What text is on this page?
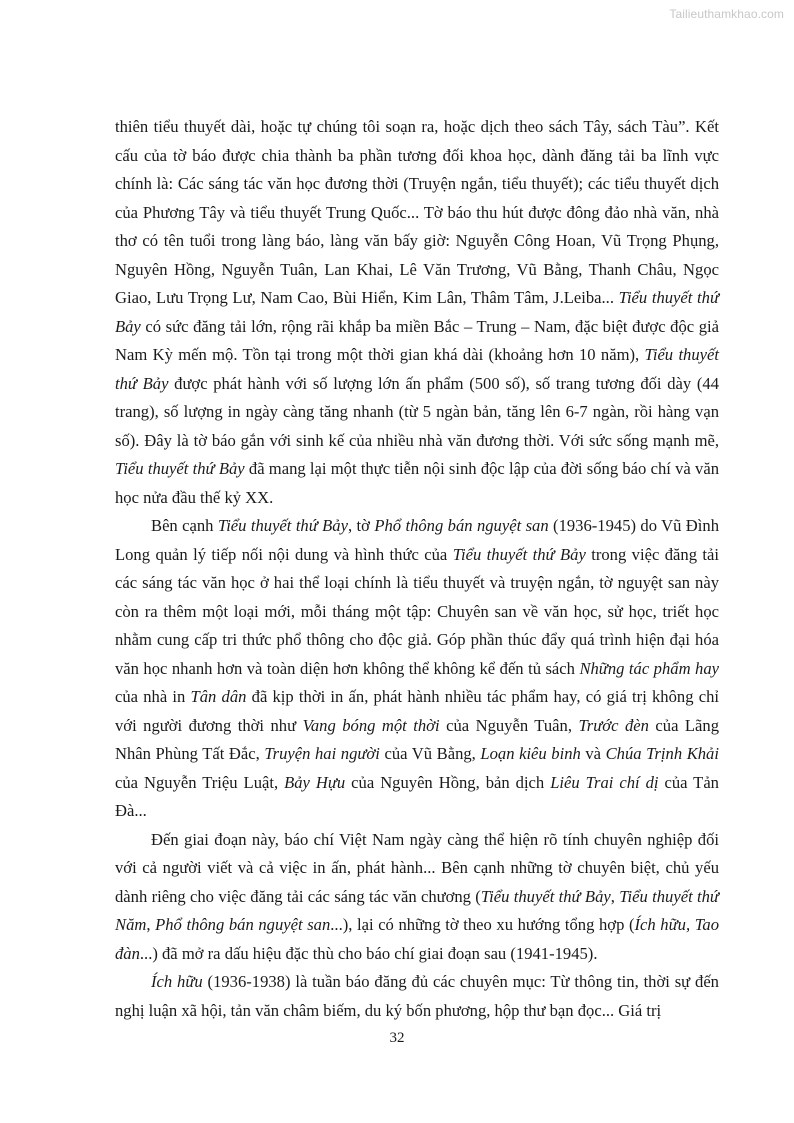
Tailieuthamkhao.com

thiên tiểu thuyết dài, hoặc tự chúng tôi soạn ra, hoặc dịch theo sách Tây, sách Tàu”. Kết cấu của tờ báo được chia thành ba phần tương đối khoa học, dành đăng tải ba lĩnh vực chính là: Các sáng tác văn học đương thời (Truyện ngắn, tiểu thuyết); các tiểu thuyết dịch của Phương Tây và tiểu thuyết Trung Quốc... Tờ báo thu hút được đông đảo nhà văn, nhà thơ có tên tuổi trong làng báo, làng văn bấy giờ: Nguyễn Công Hoan, Vũ Trọng Phụng, Nguyên Hồng, Nguyễn Tuân, Lan Khai, Lê Văn Trương, Vũ Bằng, Thanh Châu, Ngọc Giao, Lưu Trọng Lư, Nam Cao, Bùi Hiển, Kim Lân, Thâm Tâm, J.Leiba... Tiểu thuyết thứ Bảy có sức đăng tải lớn, rộng rãi khắp ba miền Bắc – Trung – Nam, đặc biệt được độc giả Nam Kỳ mến mộ. Tồn tại trong một thời gian khá dài (khoảng hơn 10 năm), Tiểu thuyết thứ Bảy được phát hành với số lượng lớn ấn phẩm (500 số), số trang tương đối dày (44 trang), số lượng in ngày càng tăng nhanh (từ 5 ngàn bản, tăng lên 6-7 ngàn, rồi hàng vạn số). Đây là tờ báo gắn với sinh kế của nhiều nhà văn đương thời. Với sức sống mạnh mẽ, Tiểu thuyết thứ Bảy đã mang lại một thực tiễn nội sinh độc lập của đời sống báo chí và văn học nửa đầu thế kỷ XX.

Bên cạnh Tiểu thuyết thứ Bảy, tờ Phổ thông bán nguyệt san (1936-1945) do Vũ Đình Long quản lý tiếp nối nội dung và hình thức của Tiểu thuyết thứ Bảy trong việc đăng tải các sáng tác văn học ở hai thể loại chính là tiểu thuyết và truyện ngắn, tờ nguyệt san này còn ra thêm một loại mới, mỗi tháng một tập: Chuyên san về văn học, sử học, triết học nhằm cung cấp tri thức phổ thông cho độc giả. Góp phần thúc đẩy quá trình hiện đại hóa văn học nhanh hơn và toàn diện hơn không thể không kể đến tủ sách Những tác phẩm hay của nhà in Tân dân đã kịp thời in ấn, phát hành nhiều tác phẩm hay, có giá trị không chỉ với người đương thời như Vang bóng một thời của Nguyễn Tuân, Trước đèn của Lãng Nhân Phùng Tất Đắc, Truyện hai người của Vũ Bằng, Loạn kiêu binh và Chúa Trịnh Khải của Nguyễn Triệu Luật, Bảy Hựu của Nguyên Hồng, bản dịch Liêu Trai chí dị của Tản Đà...

Đến giai đoạn này, báo chí Việt Nam ngày càng thể hiện rõ tính chuyên nghiệp đối với cả người viết và cả việc in ấn, phát hành... Bên cạnh những tờ chuyên biệt, chủ yếu dành riêng cho việc đăng tải các sáng tác văn chương (Tiểu thuyết thứ Bảy, Tiểu thuyết thứ Năm, Phổ thông bán nguyệt san...), lại có những tờ theo xu hướng tổng hợp (Ích hữu, Tao đàn...) đã mở ra dấu hiệu đặc thù cho báo chí giai đoạn sau (1941-1945).

Ích hữu (1936-1938) là tuần báo đăng đủ các chuyên mục: Từ thông tin, thời sự đến nghị luận xã hội, tản văn châm biếm, du ký bốn phương, hộp thư bạn đọc... Giá trị

32
